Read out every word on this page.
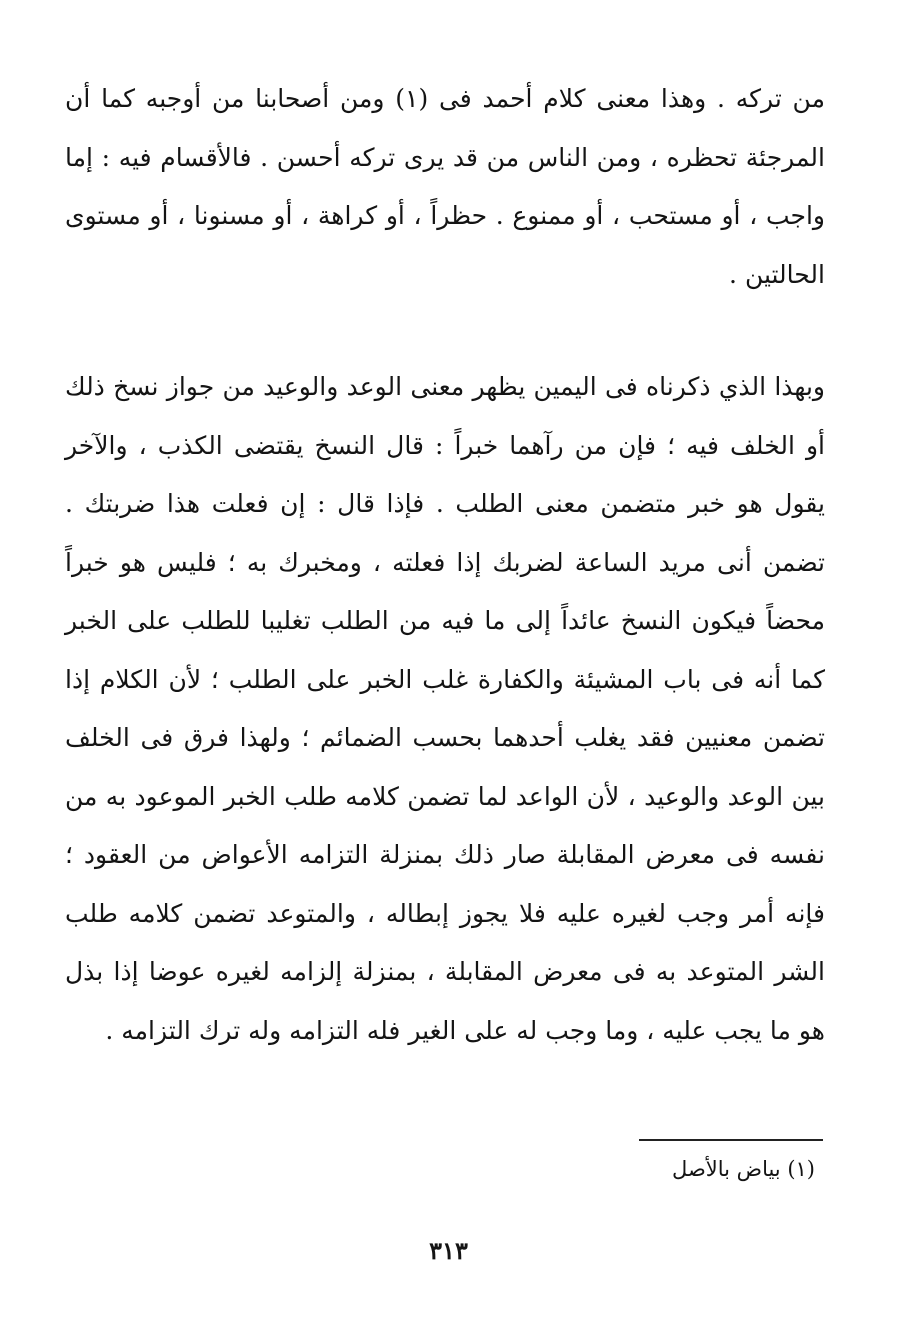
من تركه . وهذا معنى كلام أحمد فى (١) ومن أصحابنا من أوجبه كما أن المرجئة تحظره ، ومن الناس من قد يرى تركه أحسن . فالأقسام فيه : إما واجب ، أو مستحب ، أو ممنوع . حظراً ، أو كراهة ، أو مسنونا ، أو مستوى الحالتين .

وبهذا الذي ذكرناه فى اليمين يظهر معنى الوعد والوعيد من جواز نسخ ذلك أو الخلف فيه ؛ فإن من رآهما خبراً : قال النسخ يقتضى الكذب ، والآخر يقول هو خبر متضمن معنى الطلب . فإذا قال : إن فعلت هذا ضربتك . تضمن أنى مريد الساعة لضربك إذا فعلته ، ومخبرك به ؛ فليس هو خبراً محضاً فيكون النسخ عائداً إلى ما فيه من الطلب تغليبا للطلب على الخبر كما أنه فى باب المشيئة والكفارة غلب الخبر على الطلب ؛ لأن الكلام إذا تضمن معنيين فقد يغلب أحدهما بحسب الضمائم ؛ ولهذا فرق فى الخلف بين الوعد والوعيد ، لأن الواعد لما تضمن كلامه طلب الخبر الموعود به من نفسه فى معرض المقابلة صار ذلك بمنزلة التزامه الأعواض من العقود ؛ فإنه أمر وجب لغيره عليه فلا يجوز إبطاله ، والمتوعد تضمن كلامه طلب الشر المتوعد به فى معرض المقابلة ، بمنزلة إلزامه لغيره عوضا إذا بذل هو ما يجب عليه ، وما وجب له على الغير فله التزامه وله ترك التزامه .

(١) بياض بالأصل

٣١٣
